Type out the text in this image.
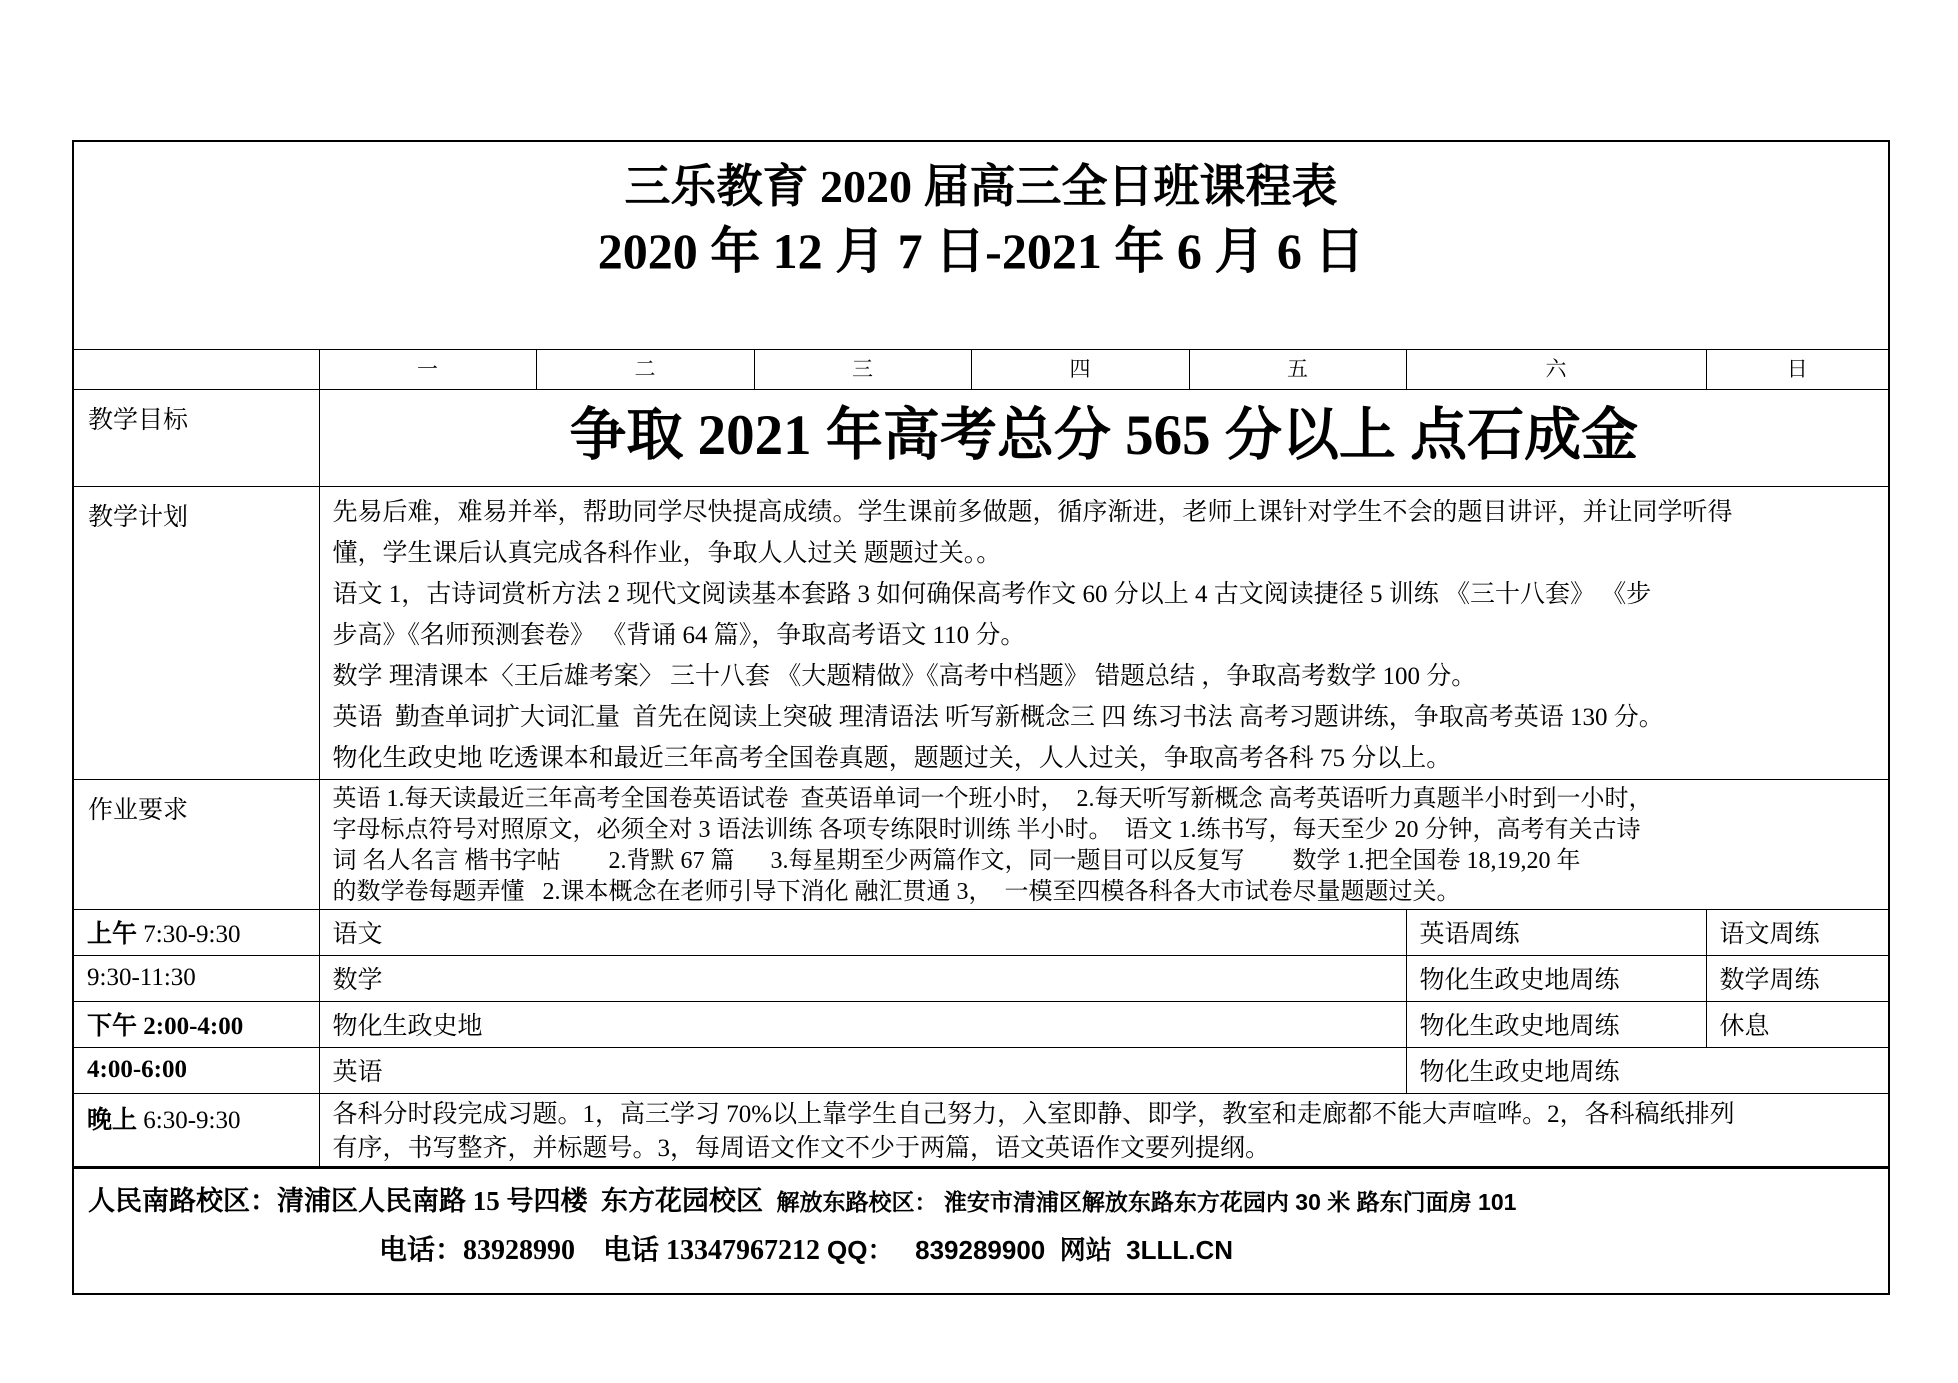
三乐教育 2020 届高三全日班课程表
2020 年 12 月 7 日-2021 年 6 月 6 日							

	一	二	三	四	五	六	日
教学目标	争取 2021 年高考总分 565 分以上 点石成金						

教学计划	先易后难，难易并举，帮助同学尽快提高成绩。学生课前多做题，循序渐进，老师上课针对学生不会的题目讲评，并让同学听得
懂，学生课后认真完成各科作业，争取人人过关 题题过关。。
语文 1，古诗词赏析方法 2 现代文阅读基本套路 3 如何确保高考作文 60 分以上 4 古文阅读捷径 5 训练 《三十八套》 《步
步高》《名师预测套卷》 《背诵 64 篇》，争取高考语文 110 分。
数学 理清课本〈王后雄考案〉 三十八套 《大题精做》《高考中档题》 错题总结 ，争取高考数学 100 分。
英语  勤查单词扩大词汇量  首先在阅读上突破 理清语法 听写新概念三 四 练习书法 高考习题讲练，争取高考英语 130 分。
物化生政史地 吃透课本和最近三年高考全国卷真题，题题过关，人人过关，争取高考各科 75 分以上。

作业要求	英语 1.每天读最近三年高考全国卷英语试卷  查英语单词一个班小时，  2.每天听写新概念 高考英语听力真题半小时到一小时，
字母标点符号对照原文，必须全对 3 语法训练 各项专练限时训练 半小时。  语文 1.练书写，每天至少 20 分钟，高考有关古诗
词 名人名言 楷书字帖        2.背默 67 篇      3.每星期至少两篇作文，同一题目可以反复写        数学 1.把全国卷 18,19,20 年
的数学卷每题弄懂   2.课本概念在老师引导下消化 融汇贯通 3，  一模至四模各科各大市试卷尽量题题过关。						

上午 7:30-9:30	语文					英语周练	语文周练
9:30-11:30	数学					物化生政史地周练	数学周练
下午 2:00-4:00	物化生政史地					物化生政史地周练	休息
4:00-6:00	英语					物化生政史地周练	
晚上 6:30-9:30	各科分时段完成习题。1，高三学习 70%以上靠学生自己努力，入室即静、即学，教室和走廊都不能大声喧哗。2，各科稿纸排列
有序，书写整齐，并标题号。3，每周语文作文不少于两篇，语文英语作文要列提纲。						

人民南路校区：清浦区人民南路 15 号四楼  东方花园校区  解放东路校区： 淮安市清浦区解放东路东方花园内 30 米 路东门面房 101
电话：83928990    电话 13347967212 QQ：   839289900  网站  3LLL.CN							
